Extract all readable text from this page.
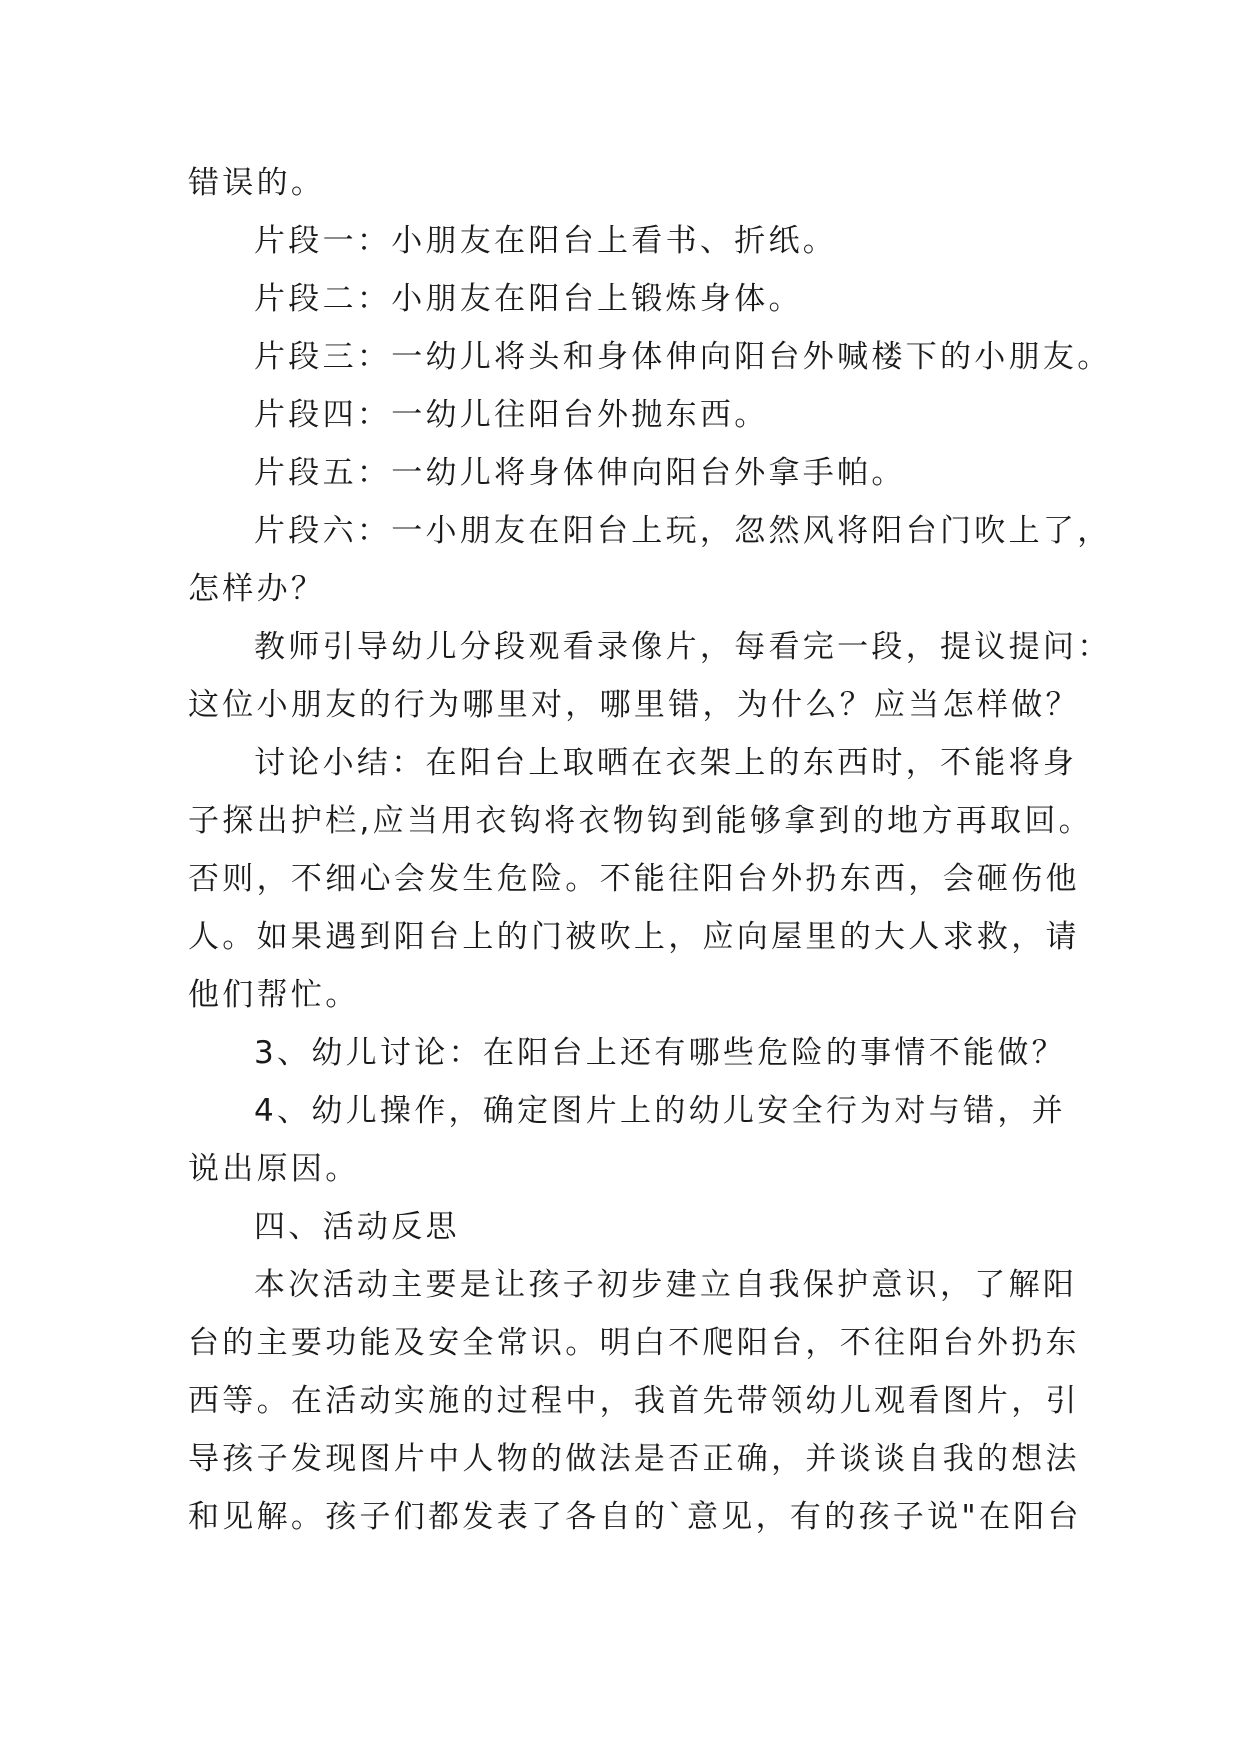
错误的。
片段一：小朋友在阳台上看书、折纸。
片段二：小朋友在阳台上锻炼身体。
片段三：一幼儿将头和身体伸向阳台外喊楼下的小朋友。
片段四：一幼儿往阳台外抛东西。
片段五：一幼儿将身体伸向阳台外拿手帕。
片段六：一小朋友在阳台上玩，忽然风将阳台门吹上了，
怎样办？
教师引导幼儿分段观看录像片，每看完一段，提议提问：
这位小朋友的行为哪里对，哪里错，为什么？应当怎样做？
讨论小结：在阳台上取晒在衣架上的东西时，不能将身
子探出护栏,应当用衣钩将衣物钩到能够拿到的地方再取回。
否则，不细心会发生危险。不能往阳台外扔东西，会砸伤他
人。如果遇到阳台上的门被吹上，应向屋里的大人求救，请
他们帮忙。
3、幼儿讨论：在阳台上还有哪些危险的事情不能做？
4、幼儿操作，确定图片上的幼儿安全行为对与错，并
说出原因。
四、活动反思
本次活动主要是让孩子初步建立自我保护意识，了解阳
台的主要功能及安全常识。明白不爬阳台，不往阳台外扔东
西等。在活动实施的过程中，我首先带领幼儿观看图片，引
导孩子发现图片中人物的做法是否正确，并谈谈自我的想法
和见解。孩子们都发表了各自的`意见，有的孩子说"在阳台
